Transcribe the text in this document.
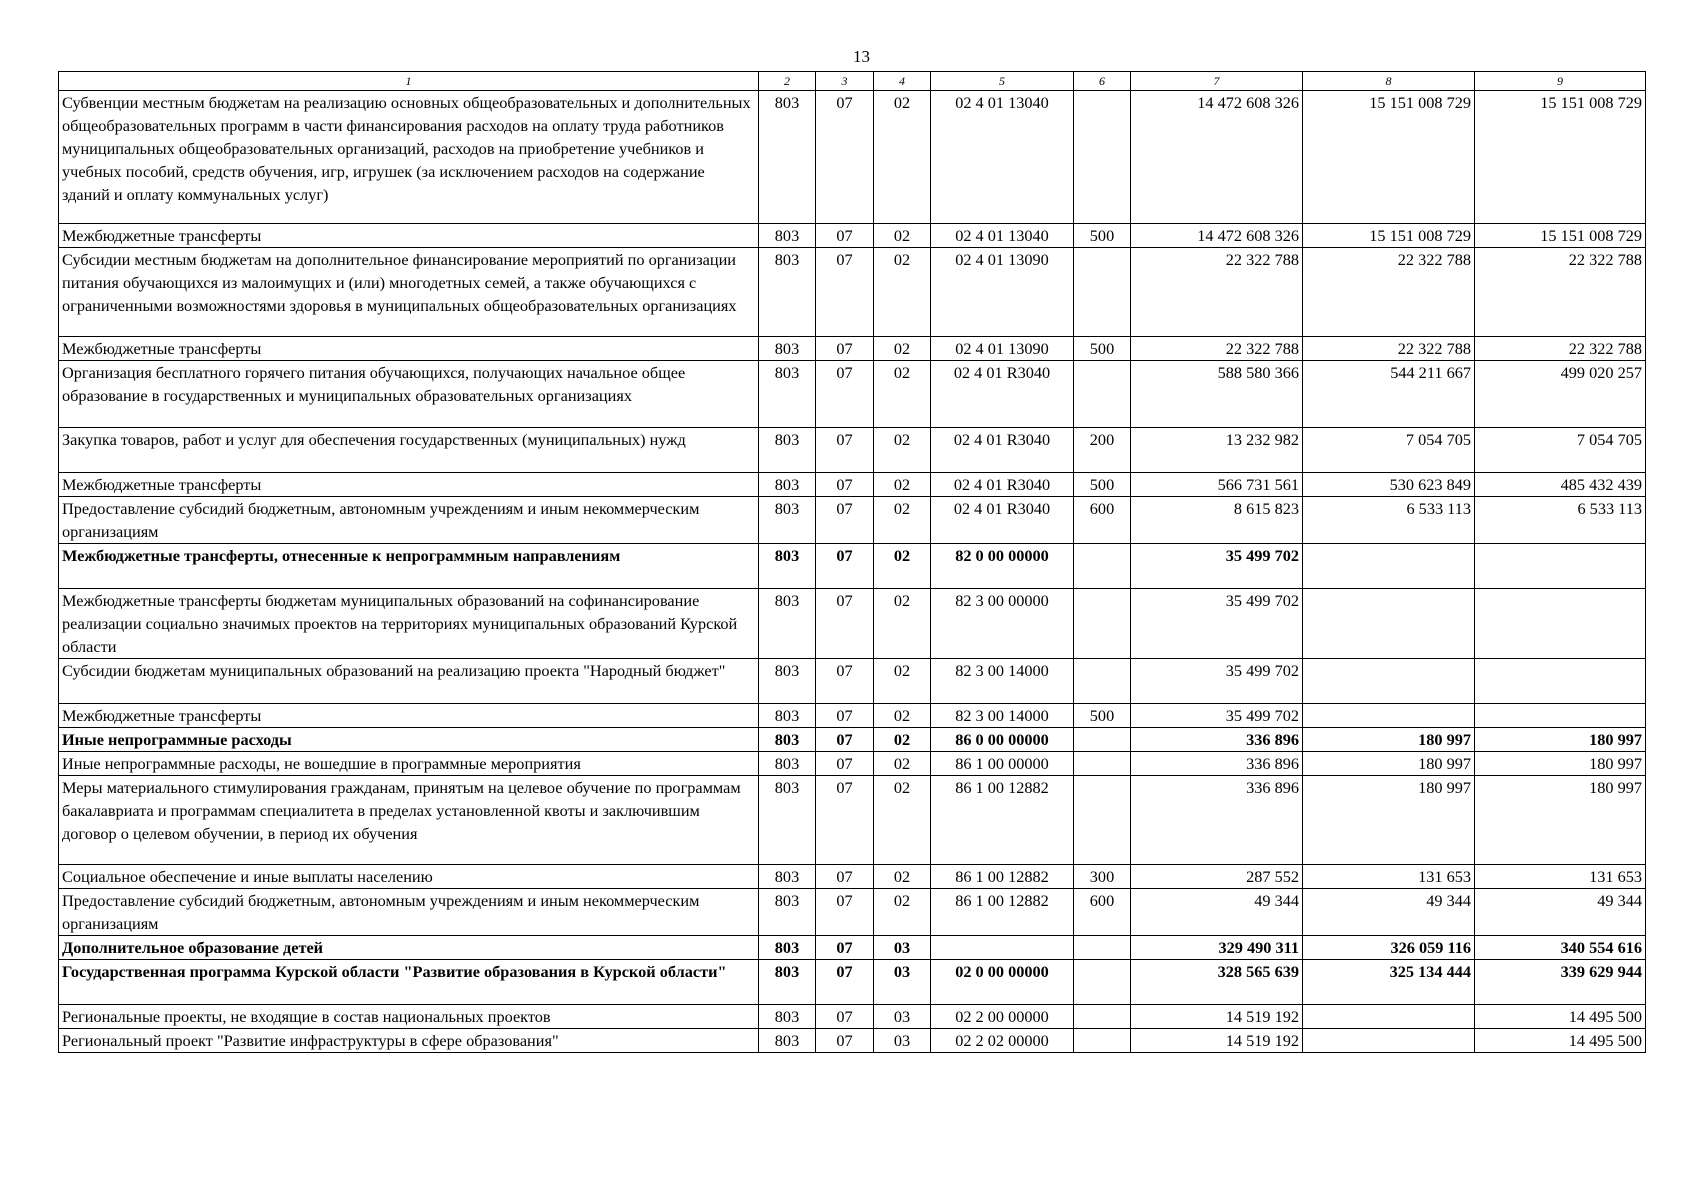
13
1	2	3	4	5	6	7	8	9
Субвенции местным бюджетам на реализацию основных общеобразовательных и дополнительных общеобразовательных программ в части финансирования расходов на оплату труда работников муниципальных общеобразовательных организаций, расходов на приобретение учебников и учебных пособий, средств обучения, игр, игрушек (за исключением расходов на содержание зданий и оплату коммунальных услуг)	803	07	02	02 4 01 13040		14 472 608 326	15 151 008 729	15 151 008 729
Межбюджетные трансферты	803	07	02	02 4 01 13040	500	14 472 608 326	15 151 008 729	15 151 008 729
Субсидии местным бюджетам на дополнительное финансирование мероприятий по организации питания обучающихся из малоимущих и (или) многодетных семей, а также обучающихся с ограниченными возможностями здоровья в муниципальных общеобразовательных организациях	803	07	02	02 4 01 13090		22 322 788	22 322 788	22 322 788
Межбюджетные трансферты	803	07	02	02 4 01 13090	500	22 322 788	22 322 788	22 322 788
Организация бесплатного горячего питания обучающихся, получающих начальное общее образование в государственных и муниципальных образовательных организациях	803	07	02	02 4 01 R3040		588 580 366	544 211 667	499 020 257
Закупка товаров, работ и услуг для обеспечения государственных (муниципальных) нужд	803	07	02	02 4 01 R3040	200	13 232 982	7 054 705	7 054 705
Межбюджетные трансферты	803	07	02	02 4 01 R3040	500	566 731 561	530 623 849	485 432 439
Предоставление субсидий бюджетным, автономным учреждениям и иным некоммерческим организациям	803	07	02	02 4 01 R3040	600	8 615 823	6 533 113	6 533 113
Межбюджетные трансферты, отнесенные к непрограммным направлениям	803	07	02	82 0 00 00000		35 499 702		
Межбюджетные трансферты бюджетам муниципальных образований на софинансирование реализации социально значимых проектов на территориях муниципальных образований Курской области	803	07	02	82 3 00 00000		35 499 702		
Субсидии бюджетам муниципальных образований на реализацию проекта "Народный бюджет"	803	07	02	82 3 00 14000		35 499 702		
Межбюджетные трансферты	803	07	02	82 3 00 14000	500	35 499 702		
Иные непрограммные расходы	803	07	02	86 0 00 00000		336 896	180 997	180 997
Иные непрограммные расходы, не вошедшие в программные мероприятия	803	07	02	86 1 00 00000		336 896	180 997	180 997
Меры материального стимулирования гражданам, принятым на целевое обучение по программам бакалавриата и программам специалитета в пределах установленной квоты и заключившим договор о целевом обучении, в период их обучения	803	07	02	86 1 00 12882		336 896	180 997	180 997
Социальное обеспечение и иные выплаты населению	803	07	02	86 1 00 12882	300	287 552	131 653	131 653
Предоставление субсидий бюджетным, автономным учреждениям и иным некоммерческим организациям	803	07	02	86 1 00 12882	600	49 344	49 344	49 344
Дополнительное образование детей	803	07	03			329 490 311	326 059 116	340 554 616
Государственная программа Курской области "Развитие образования в Курской области"	803	07	03	02 0 00 00000		328 565 639	325 134 444	339 629 944
Региональные проекты, не входящие в состав национальных проектов	803	07	03	02 2 00 00000		14 519 192		14 495 500
Региональный проект "Развитие инфраструктуры в сфере образования"	803	07	03	02 2 02 00000		14 519 192		14 495 500
